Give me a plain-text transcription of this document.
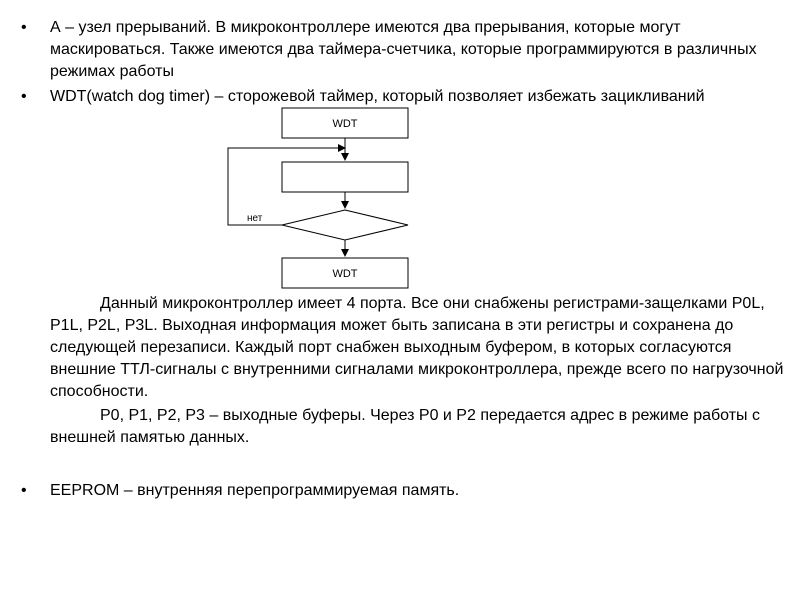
• А – узел прерываний. В микроконтроллере имеются два прерывания, которые могут маскироваться. Также имеются два таймера-счетчика, которые программируются в различных режимах работы

• WDT(watch dog timer) – сторожевой таймер, который позволяет избежать зацикливаний

WDT
нет
WDT

Данный микроконтроллер имеет 4 порта. Все они снабжены регистрами-защелками P0L, P1L, P2L, P3L. Выходная информация может быть записана в эти регистры и сохранена до следующей перезаписи. Каждый порт снабжен выходным буфером, в которых согласуются внешние ТТЛ-сигналы с внутренними сигналами микроконтроллера, прежде всего по нагрузочной способности.

P0, P1, P2, P3 – выходные буферы. Через P0 и P2 передается адрес в режиме работы с внешней памятью данных.

• EEPROM – внутренняя перепрограммируемая память.
